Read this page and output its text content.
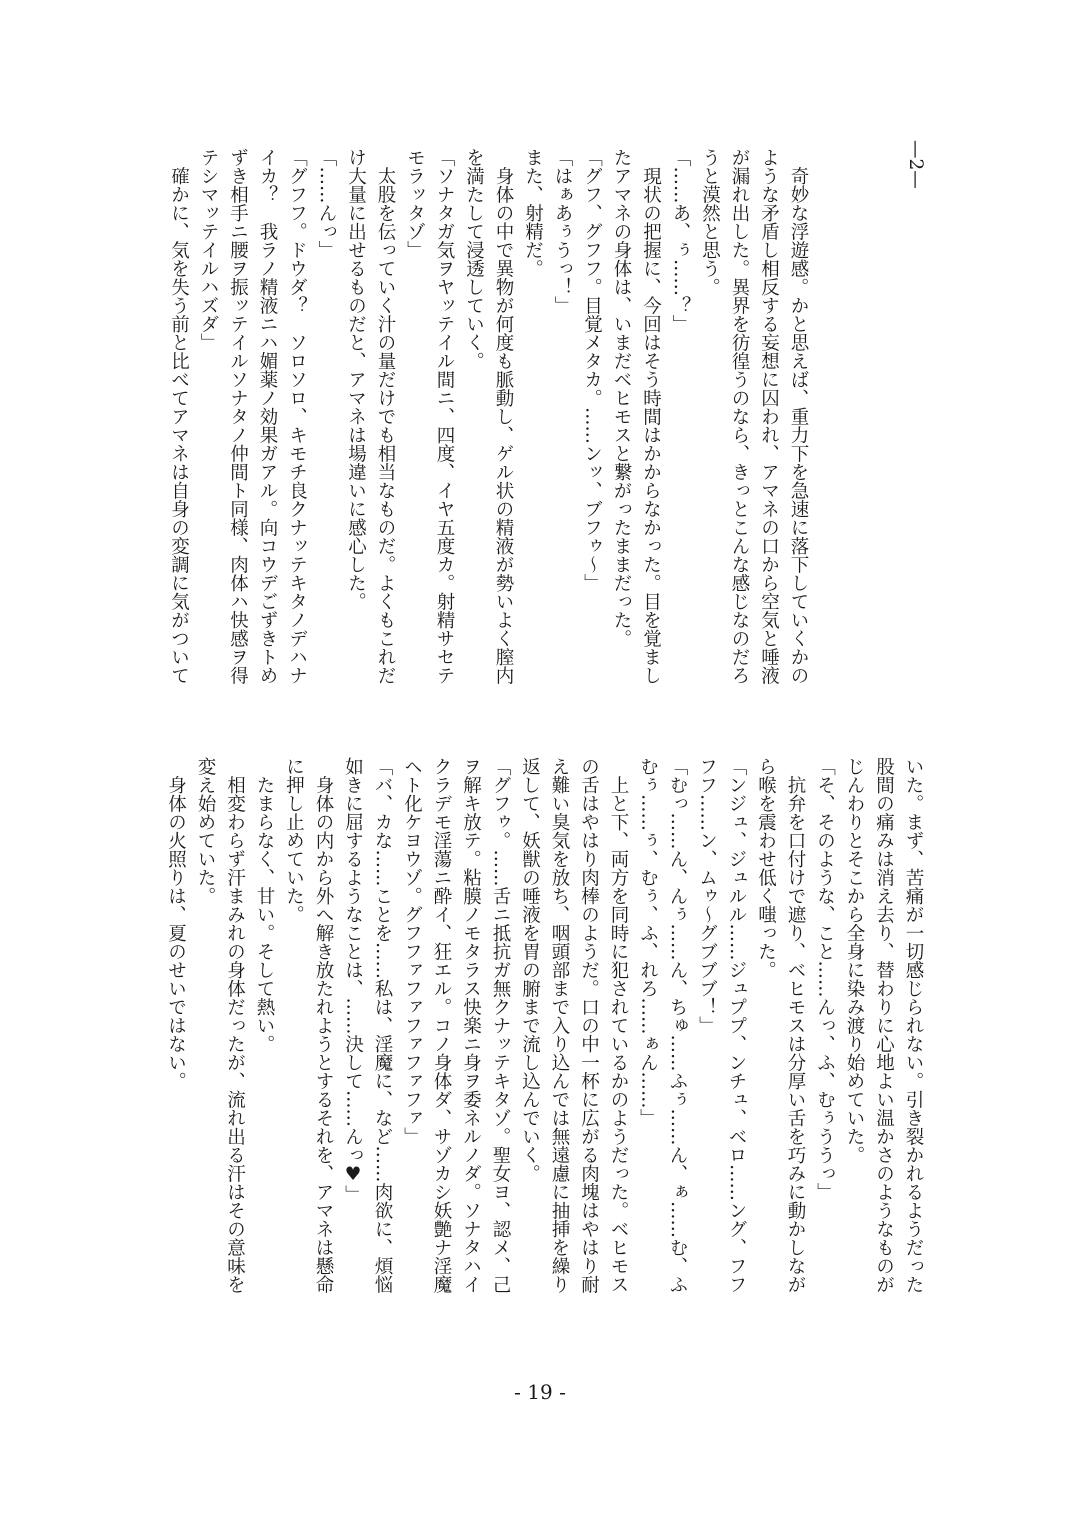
—2—
　奇妙な浮遊感。かと思えば、重力下を急速に落下していくかの
ような矛盾し相反する妄想に囚われ、アマネの口から空気と唾液
が漏れ出した。異界を彷徨うのなら、きっとこんな感じなのだろ
うと漠然と思う。
「……あ、ぅ……？」
　現状の把握に、今回はそう時間はかからなかった。目を覚まし
たアマネの身体は、いまだベヒモスと繋がったままだった。
「グフ、グフフ。目覚メタカ。……ンッ、ブフゥ〜」
「はぁあぅうっ！」
また、射精だ。
　身体の中で異物が何度も脈動し、ゲル状の精液が勢いよく膣内
を満たして浸透していく。
「ソナタガ気ヲヤッテイル間ニ、四度、イヤ五度カ。射精サセテ
モラッタゾ」
　太股を伝っていく汁の量だけでも相当なものだ。よくもこれだ
け大量に出せるものだと、アマネは場違いに感心した。
「……んっ」
「グフフ。ドウダ？　ソロソロ、キモチ良クナッテキタノデハナ
イカ？　我ラノ精液ニハ媚薬ノ効果ガアル。向コウデごずきトめ
ずき相手ニ腰ヲ振ッテイルソナタノ仲間ト同様、肉体ハ快感ヲ得
テシマッテイルハズダ」
　確かに、気を失う前と比べてアマネは自身の変調に気がついて
いた。まず、苦痛が一切感じられない。引き裂かれるようだった
股間の痛みは消え去り、替わりに心地よい温かさのようなものが
じんわりとそこから全身に染み渡り始めていた。
「そ、そのような、こと……んっ、ふ、むぅううっ」
　抗弁を口付けで遮り、ベヒモスは分厚い舌を巧みに動かしなが
ら喉を震わせ低く嗤った。
「ンジュ、ジュルル……ジュププ、ンチュ、ベロ……ング、フフ
フフ……ン、ムゥ〜グブブブ！」
「むっ……ん、んぅ……ん、ちゅ……ふぅ……ん、ぁ……む、ふ
むぅ……ぅ、むぅ、ふ、れろ……ぁん……」
　上と下、両方を同時に犯されているかのようだった。ベヒモス
の舌はやはり肉棒のようだ。口の中一杯に広がる肉塊はやはり耐
え難い臭気を放ち、咽頭部まで入り込んでは無遠慮に抽挿を繰り
返して、妖獣の唾液を胃の腑まで流し込んでいく。
「グフゥ。……舌ニ抵抗ガ無クナッテキタゾ。聖女ヨ、認メ、己
ヲ解キ放テ。粘膜ノモタラス快楽ニ身ヲ委ネルノダ。ソナタハイ
クラデモ淫蕩ニ酔イ、狂エル。コノ身体ダ、サゾカシ妖艶ナ淫魔
ヘト化ケヨウゾ。グフファファファファファ」
「バ、カな……ことを……私は、淫魔に、など……肉欲に、煩悩
如きに屈するようなことは、……決して……んっ♥」
　身体の内から外へ解き放たれようとするそれを、アマネは懸命
に押し止めていた。
　たまらなく、甘い。そして熱い。
　相変わらず汗まみれの身体だったが、流れ出る汗はその意味を
変え始めていた。
　身体の火照りは、夏のせいではない。
- 19 -
